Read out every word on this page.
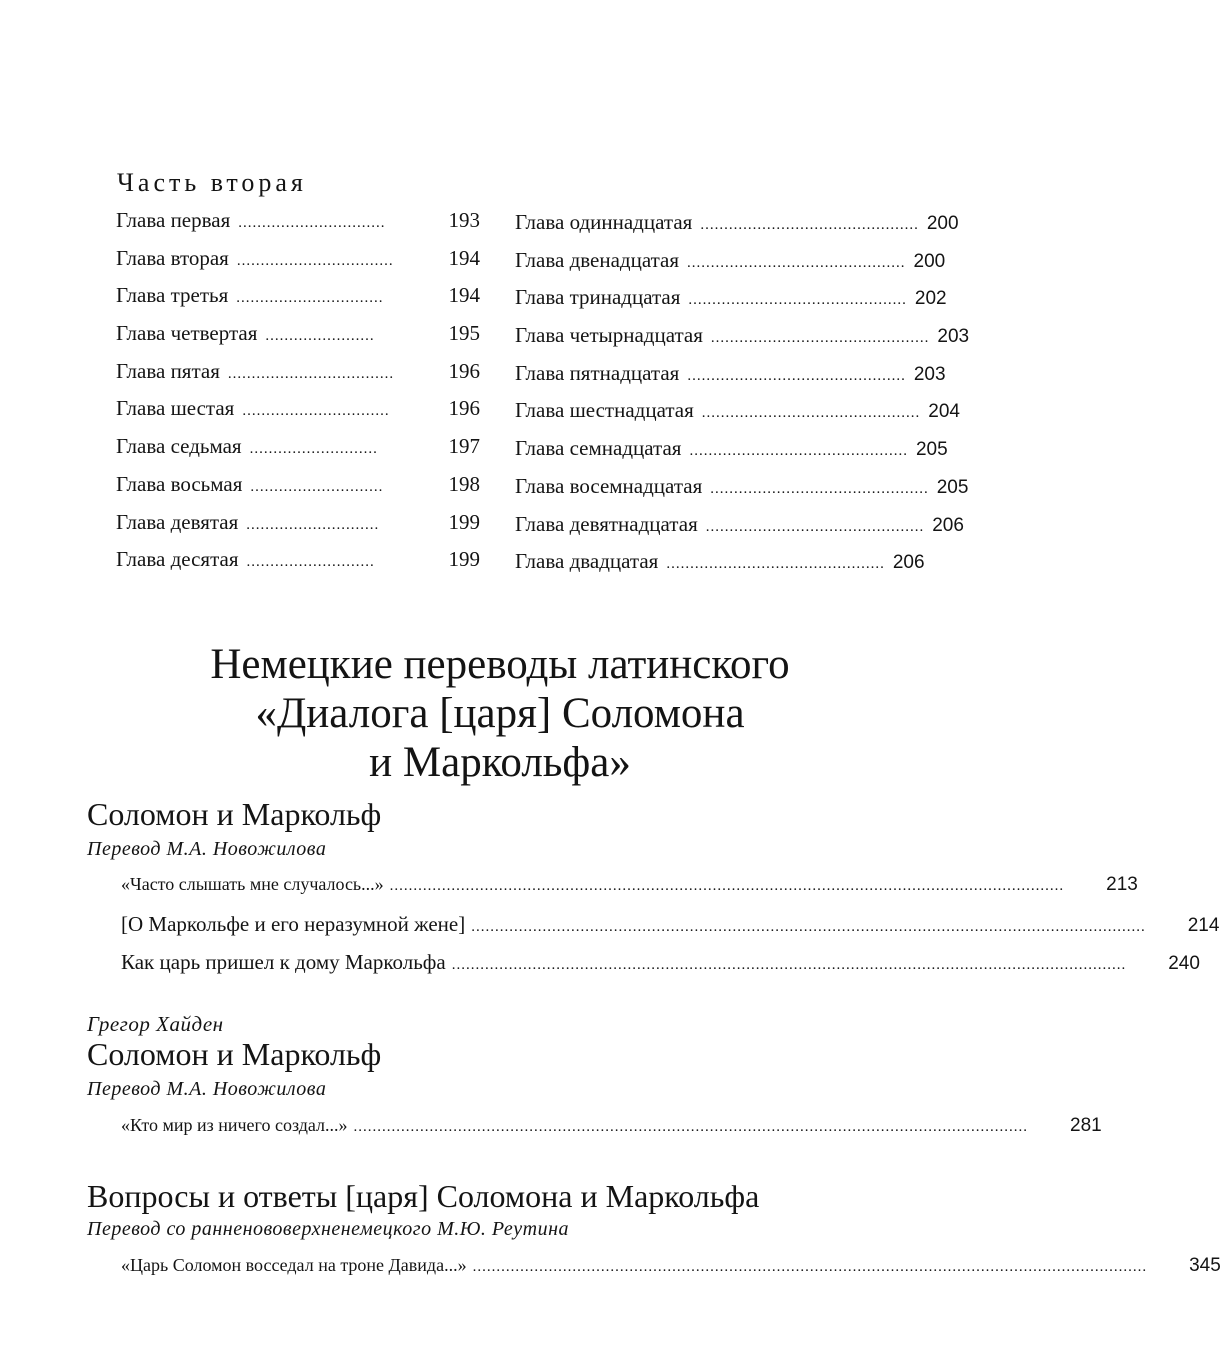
Часть вторая
Глава первая ...............................	193
Глава вторая .................................	194
Глава третья ...............................	194
Глава четвертая .......................	195
Глава пятая ...................................	196
Глава шестая ...............................	196
Глава седьмая ...........................	197
Глава восьмая ............................	198
Глава девятая ............................	199
Глава десятая ...........................	199
Глава одиннадцатая .............................................. 200
Глава двенадцатая .............................................. 200
Глава тринадцатая .............................................. 202
Глава четырнадцатая .............................................. 203
Глава пятнадцатая .............................................. 203
Глава шестнадцатая .............................................. 204
Глава семнадцатая .............................................. 205
Глава восемнадцатая .............................................. 205
Глава девятнадцатая .............................................. 206
Глава двадцатая .............................................. 206
Немецкие переводы латинского
«Диалога [царя] Соломона
и Маркольфа»
Соломон и Маркольф
Перевод М.А. Новожилова
«Часто слышать мне случалось...» .............................................................................................................................................. 213
[О Маркольфе и его неразумной жене] .............................................................................................................................................. 214
Как царь пришел к дому Маркольфа .............................................................................................................................................. 240
Грегор Хайден
Соломон и Маркольф
Перевод М.А. Новожилова
«Кто мир из ничего создал...» .............................................................................................................................................. 281
Вопросы и ответы [царя] Соломона и Маркольфа
Перевод со ранненововерхненемецкого М.Ю. Реутина
«Царь Соломон восседал на троне Давида...» .............................................................................................................................................. 345
